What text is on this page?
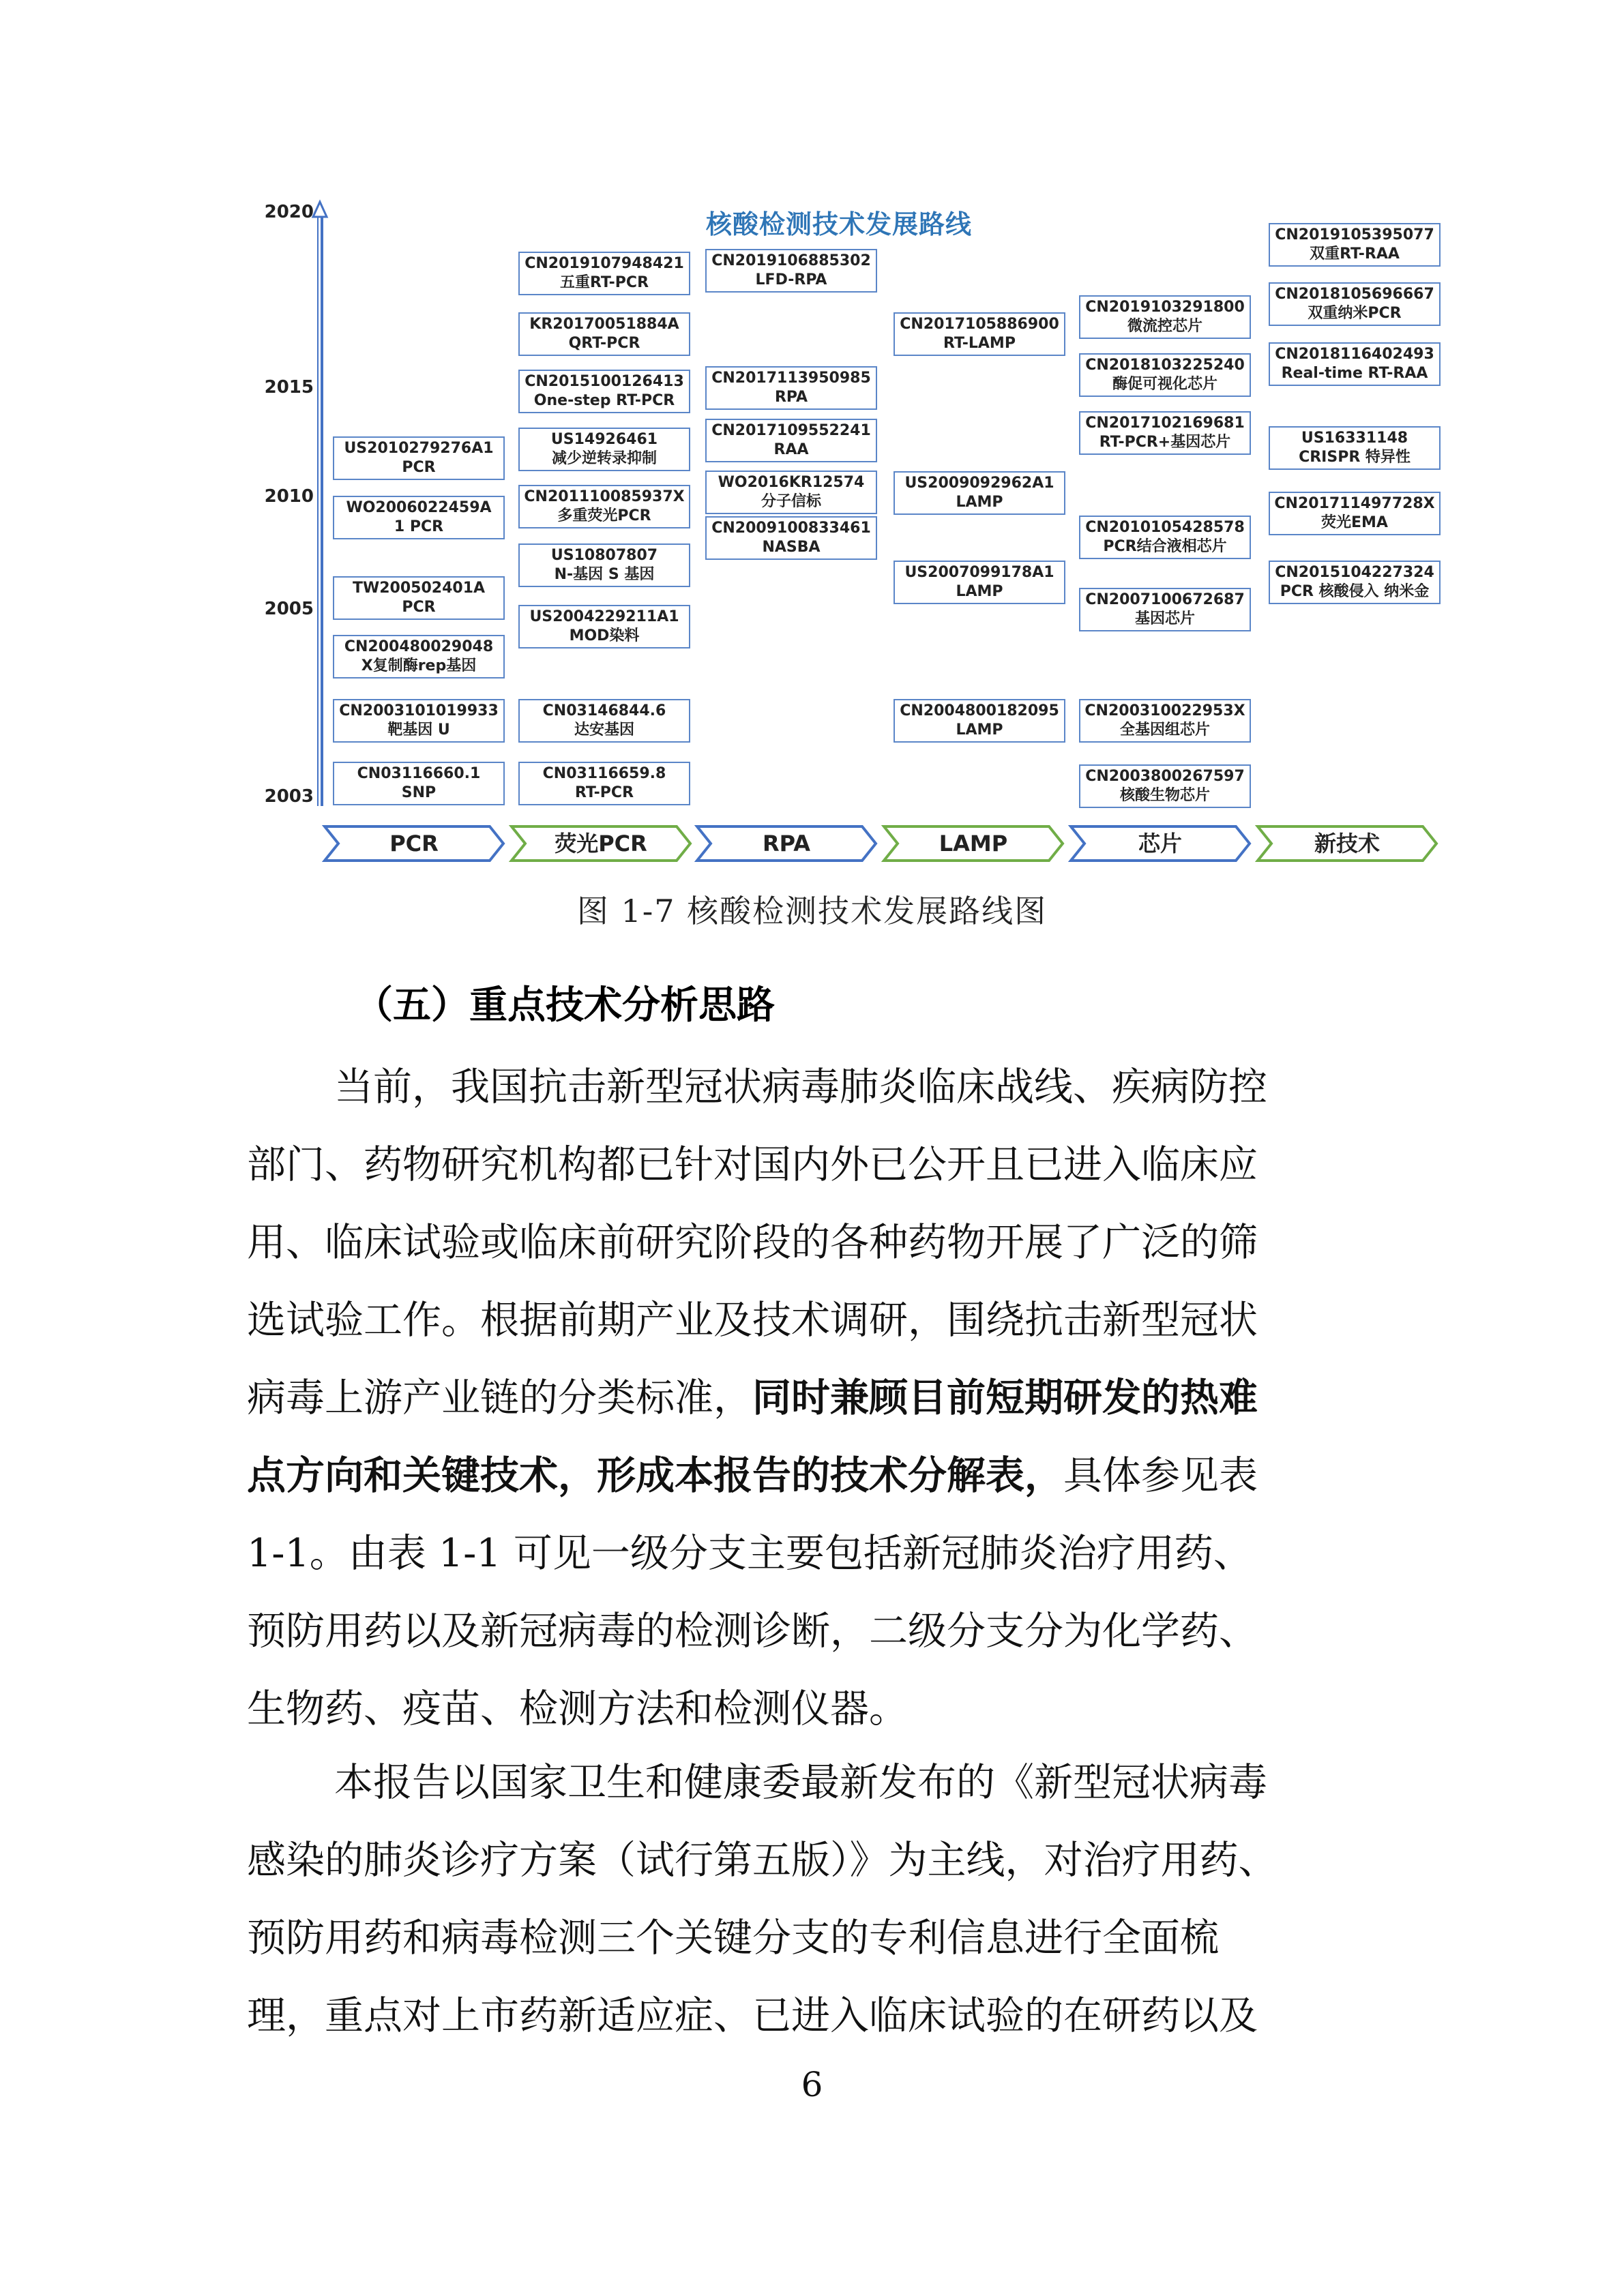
核酸检测技术发展路线
2020
2015
2010
2005
2003
US2010279276A1
PCR
WO2006022459A
1 PCR
TW200502401A
PCR
CN200480029048
X复制酶rep基因
CN2003101019933
靶基因 U
CN03116660.1
SNP
CN2019107948421
五重RT-PCR
KR20170051884A
QRT-PCR
CN2015100126413
One-step RT-PCR
US14926461
减少逆转录抑制
CN201110085937X
多重荧光PCR
US10807807
N-基因 S 基因
US2004229211A1
MOD染料
CN03146844.6
达安基因
CN03116659.8
RT-PCR
CN2019106885302
LFD-RPA
CN2017113950985
RPA
CN2017109552241
RAA
WO2016KR12574
分子信标
CN2009100833461
NASBA
CN2017105886900
RT-LAMP
US2009092962A1
LAMP
US2007099178A1
LAMP
CN2004800182095
LAMP
CN2019103291800
微流控芯片
CN2018103225240
酶促可视化芯片
CN2017102169681
RT-PCR+基因芯片
CN2010105428578
PCR结合液相芯片
CN2007100672687
基因芯片
CN200310022953X
全基因组芯片
CN2003800267597
核酸生物芯片
CN2019105395077
双重RT-RAA
CN2018105696667
双重纳米PCR
CN2018116402493
Real-time RT-RAA
US16331148
CRISPR 特异性
CN201711497728X
荧光EMA
CN2015104227324
PCR 核酸侵入 纳米金
PCR	荧光PCR	RPA	LAMP	芯片	新技术
图 1-7 核酸检测技术发展路线图
（五）重点技术分析思路
当前，我国抗击新型冠状病毒肺炎临床战线、疾病防控
部门、药物研究机构都已针对国内外已公开且已进入临床应
用、临床试验或临床前研究阶段的各种药物开展了广泛的筛
选试验工作。根据前期产业及技术调研，围绕抗击新型冠状
病毒上游产业链的分类标准，同时兼顾目前短期研发的热难
点方向和关键技术，形成本报告的技术分解表，具体参见表
1-1。由表 1-1 可见一级分支主要包括新冠肺炎治疗用药、
预防用药以及新冠病毒的检测诊断，二级分支分为化学药、
生物药、疫苗、检测方法和检测仪器。
本报告以国家卫生和健康委最新发布的《新型冠状病毒
感染的肺炎诊疗方案（试行第五版）》为主线，对治疗用药、
预防用药和病毒检测三个关键分支的专利信息进行全面梳
理，重点对上市药新适应症、已进入临床试验的在研药以及
6
